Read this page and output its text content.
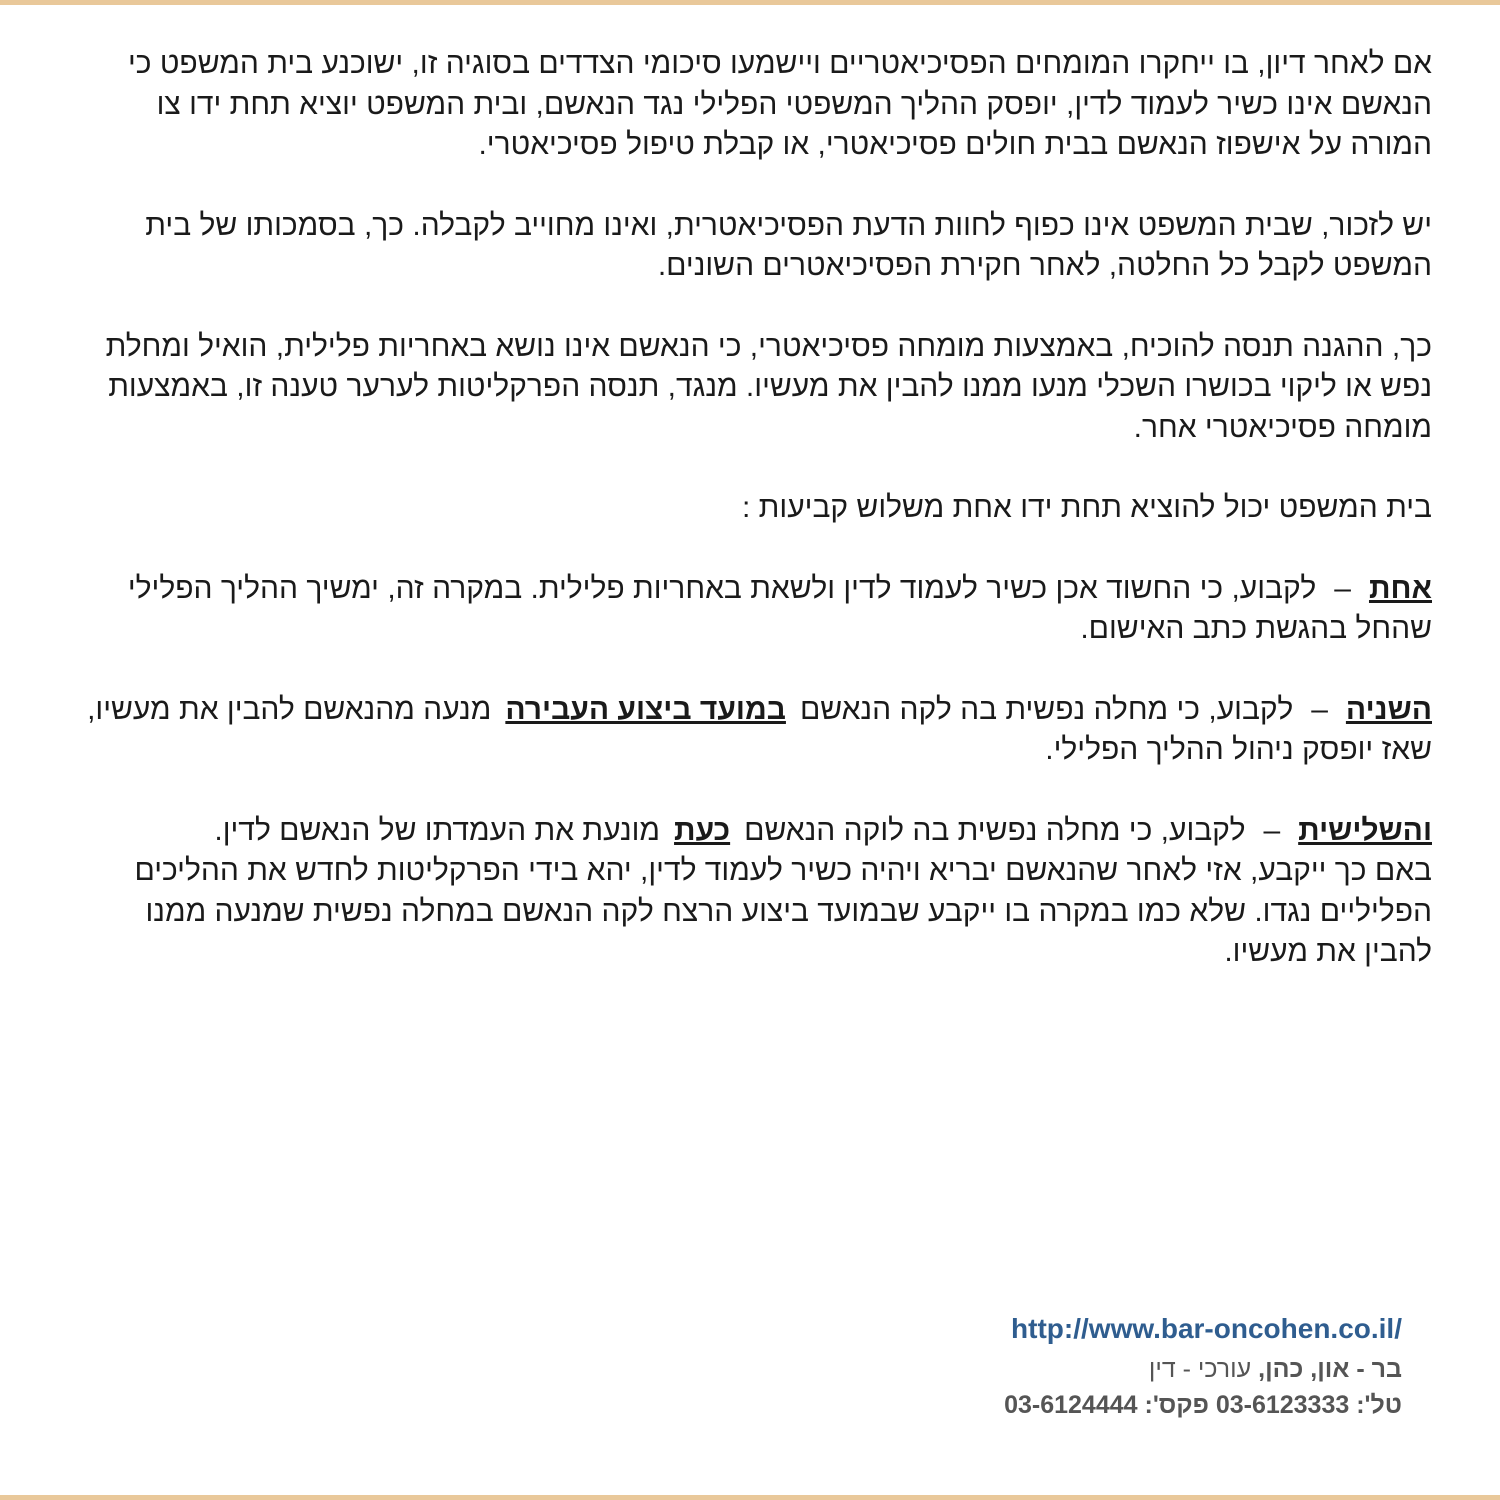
אם לאחר דיון, בו ייחקרו המומחים הפסיכיאטריים ויישמעו סיכומי הצדדים בסוגיה זו, ישוכנע בית המשפט כי הנאשם אינו כשיר לעמוד לדין, יופסק ההליך המשפטי הפלילי נגד הנאשם, ובית המשפט יוציא תחת ידו צו המורה על אישפוז הנאשם בבית חולים פסיכיאטרי, או קבלת טיפול פסיכיאטרי.

יש לזכור, שבית המשפט אינו כפוף לחוות הדעת הפסיכיאטרית, ואינו מחוייב לקבלה. כך, בסמכותו של בית המשפט לקבל כל החלטה, לאחר חקירת הפסיכיאטרים השונים.

כך, ההגנה תנסה להוכיח, באמצעות מומחה פסיכיאטרי, כי הנאשם אינו נושא באחריות פלילית, הואיל ומחלת נפש או ליקוי בכושרו השכלי מנעו ממנו להבין את מעשיו. מנגד, תנסה הפרקליטות לערער טענה זו, באמצעות מומחה פסיכיאטרי אחר.

בית המשפט יכול להוציא תחת ידו אחת משלוש קביעות :

אחת–לקבוע, כי החשוד אכן כשיר לעמוד לדין ולשאת באחריות פלילית. במקרה זה, ימשיך ההליך הפלילי שהחל בהגשת כתב האישום.

השניה–לקבוע, כי מחלה נפשית בה לקה הנאשםבמועד ביצוע העבירהמנעה מהנאשם להבין את מעשיו, שאז יופסק ניהול ההליך הפלילי.

והשלישית–לקבוע, כי מחלה נפשית בה לוקה הנאשםכעתמונעת את העמדתו של הנאשם לדין.

באם כך ייקבע, אזי לאחר שהנאשם יבריא ויהיה כשיר לעמוד לדין, יהא בידי הפרקליטות לחדש את ההליכים הפליליים נגדו. שלא כמו במקרה בו ייקבע שבמועד ביצוע הרצח לקה הנאשם במחלה נפשית שמנעה ממנו להבין את מעשיו.

http://www.bar-oncohen.co.il/
בר - און, כהן, עורכי - דין
טל': 03-6123333 פקס': 03-6124444
